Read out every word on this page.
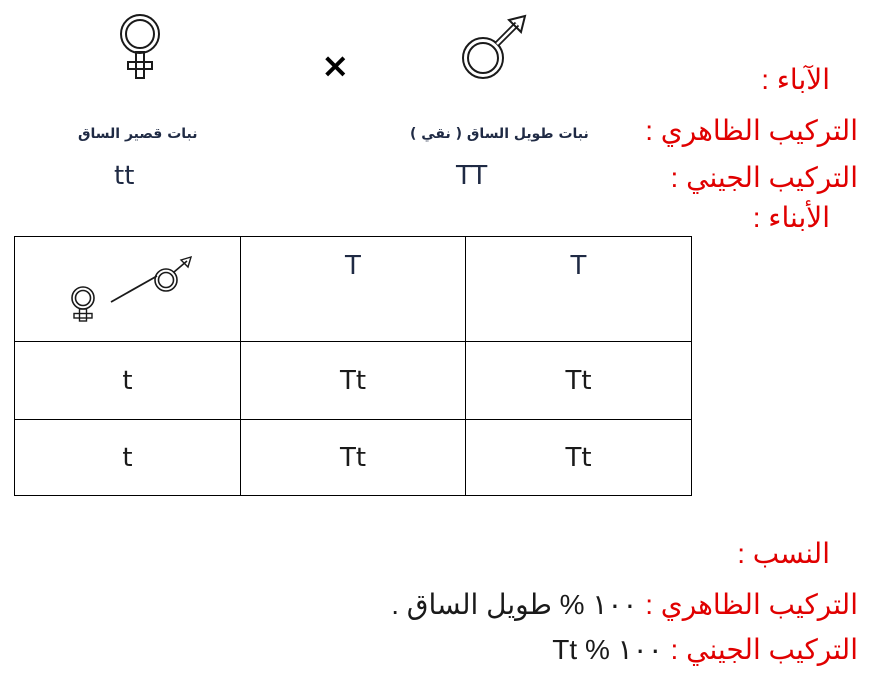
×	الآباء :
نبات قصير الساق	نبات طويل الساق ( نقي ) التركيب الظاهري :
tt	TT	التركيب الجيني :
الأبناء :
	T	T
t	Tt	Tt
t	Tt	Tt
النسب :
التركيب الظاهري : ١٠٠ % طويل الساق .
التركيب الجيني : ١٠٠ % Tt
